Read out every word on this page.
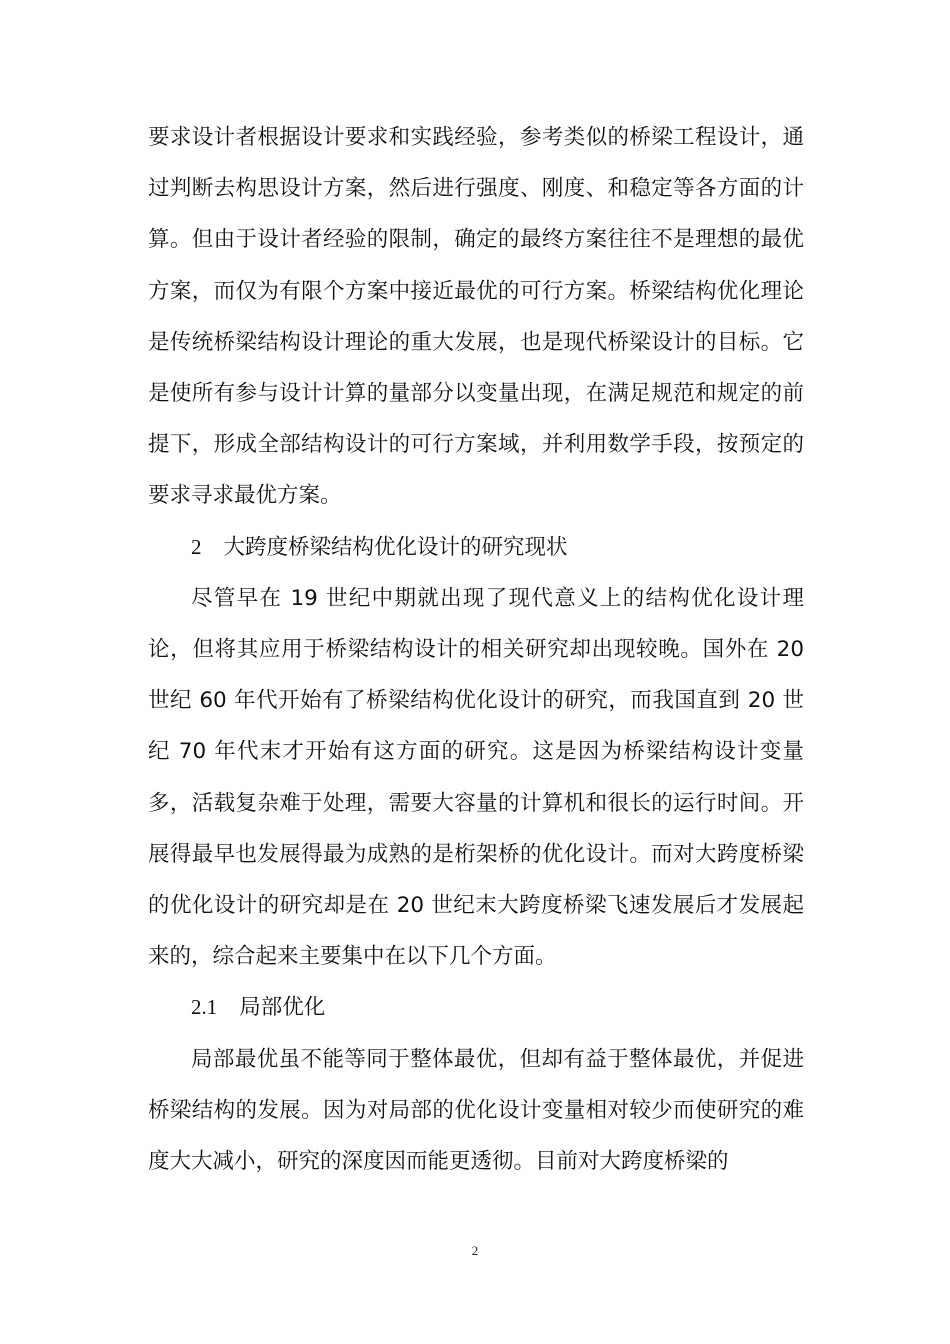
要求设计者根据设计要求和实践经验，参考类似的桥梁工程设计，通过判断去构思设计方案，然后进行强度、刚度、和稳定等各方面的计算。但由于设计者经验的限制，确定的最终方案往往不是理想的最优方案，而仅为有限个方案中接近最优的可行方案。桥梁结构优化理论是传统桥梁结构设计理论的重大发展，也是现代桥梁设计的目标。它是使所有参与设计计算的量部分以变量出现，在满足规范和规定的前提下，形成全部结构设计的可行方案域，并利用数学手段，按预定的要求寻求最优方案。

2 大跨度桥梁结构优化设计的研究现状

尽管早在 19 世纪中期就出现了现代意义上的结构优化设计理论，但将其应用于桥梁结构设计的相关研究却出现较晚。国外在 20 世纪 60 年代开始有了桥梁结构优化设计的研究，而我国直到 20 世纪 70 年代末才开始有这方面的研究。这是因为桥梁结构设计变量多，活载复杂难于处理，需要大容量的计算机和很长的运行时间。开展得最早也发展得最为成熟的是桁架桥的优化设计。而对大跨度桥梁的优化设计的研究却是在 20 世纪末大跨度桥梁飞速发展后才发展起来的，综合起来主要集中在以下几个方面。

2.1 局部优化

局部最优虽不能等同于整体最优，但却有益于整体最优，并促进桥梁结构的发展。因为对局部的优化设计变量相对较少而使研究的难度大大减小，研究的深度因而能更透彻。目前对大跨度桥梁的

2
